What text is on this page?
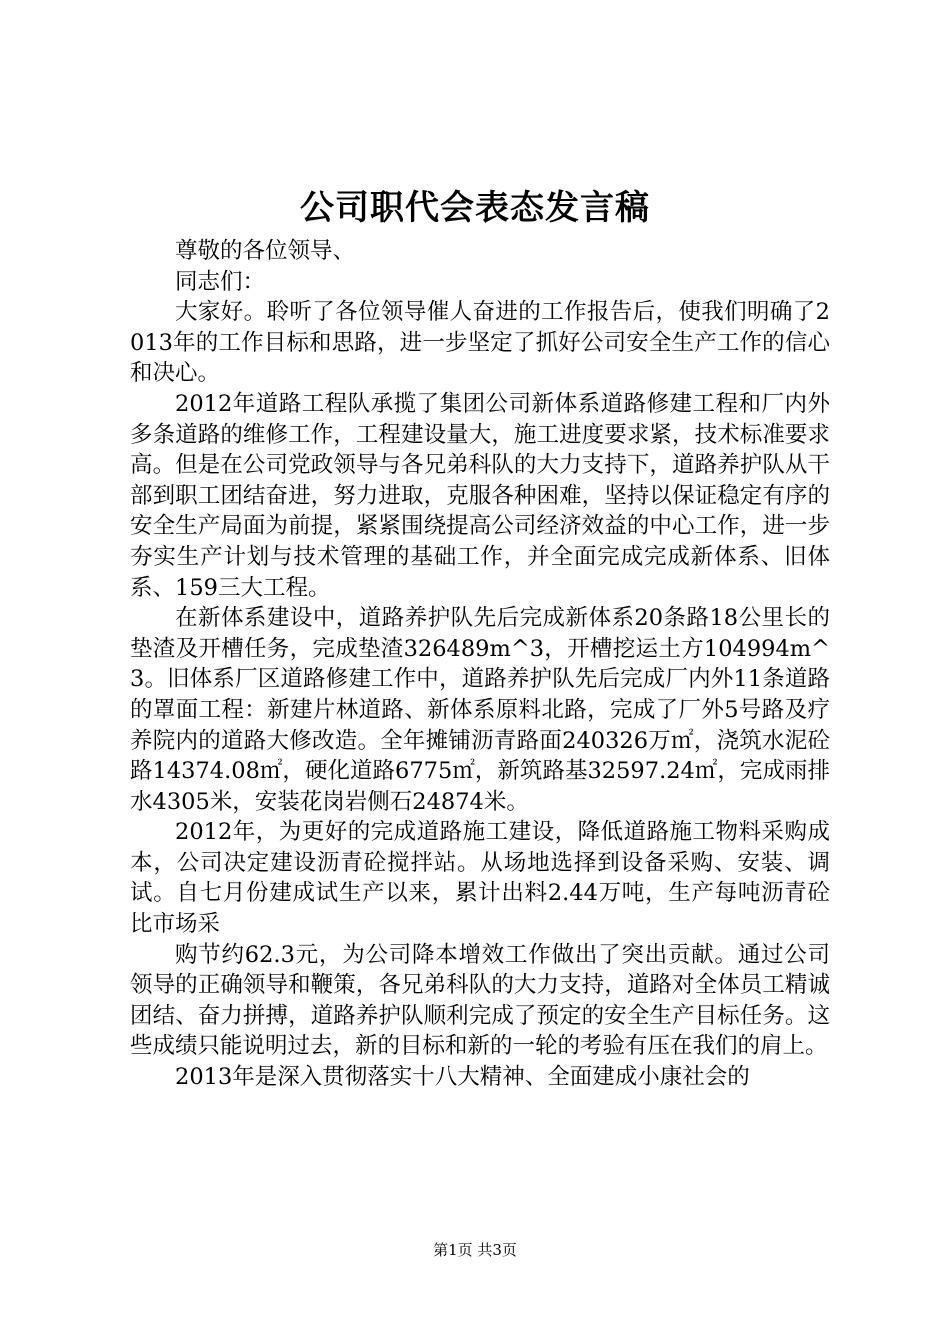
公司职代会表态发言稿

尊敬的各位领导、

同志们：

大家好。聆听了各位领导催人奋进的工作报告后，使我们明确了2013年的工作目标和思路，进一步坚定了抓好公司安全生产工作的信心和决心。

2012年道路工程队承揽了集团公司新体系道路修建工程和厂内外多条道路的维修工作，工程建设量大，施工进度要求紧，技术标准要求高。但是在公司党政领导与各兄弟科队的大力支持下，道路养护队从干部到职工团结奋进，努力进取，克服各种困难，坚持以保证稳定有序的安全生产局面为前提，紧紧围绕提高公司经济效益的中心工作，进一步夯实生产计划与技术管理的基础工作，并全面完成完成新体系、旧体系、159三大工程。

在新体系建设中，道路养护队先后完成新体系20条路18公里长的垫渣及开槽任务，完成垫渣326489m^3，开槽挖运土方104994m^3。旧体系厂区道路修建工作中，道路养护队先后完成厂内外11条道路的罩面工程：新建片林道路、新体系原料北路，完成了厂外5号路及疗养院内的道路大修改造。全年摊铺沥青路面240326万㎡，浇筑水泥砼路14374.08㎡，硬化道路6775㎡，新筑路基32597.24㎡，完成雨排水4305米，安装花岗岩侧石24874米。

2012年，为更好的完成道路施工建设，降低道路施工物料采购成本，公司决定建设沥青砼搅拌站。从场地选择到设备采购、安装、调试。自七月份建成试生产以来，累计出料2.44万吨，生产每吨沥青砼比市场采

购节约62.3元，为公司降本增效工作做出了突出贡献。通过公司领导的正确领导和鞭策，各兄弟科队的大力支持，道路对全体员工精诚团结、奋力拼搏，道路养护队顺利完成了预定的安全生产目标任务。这些成绩只能说明过去，新的目标和新的一轮的考验有压在我们的肩上。

2013年是深入贯彻落实十八大精神、全面建成小康社会的

第1页 共3页
